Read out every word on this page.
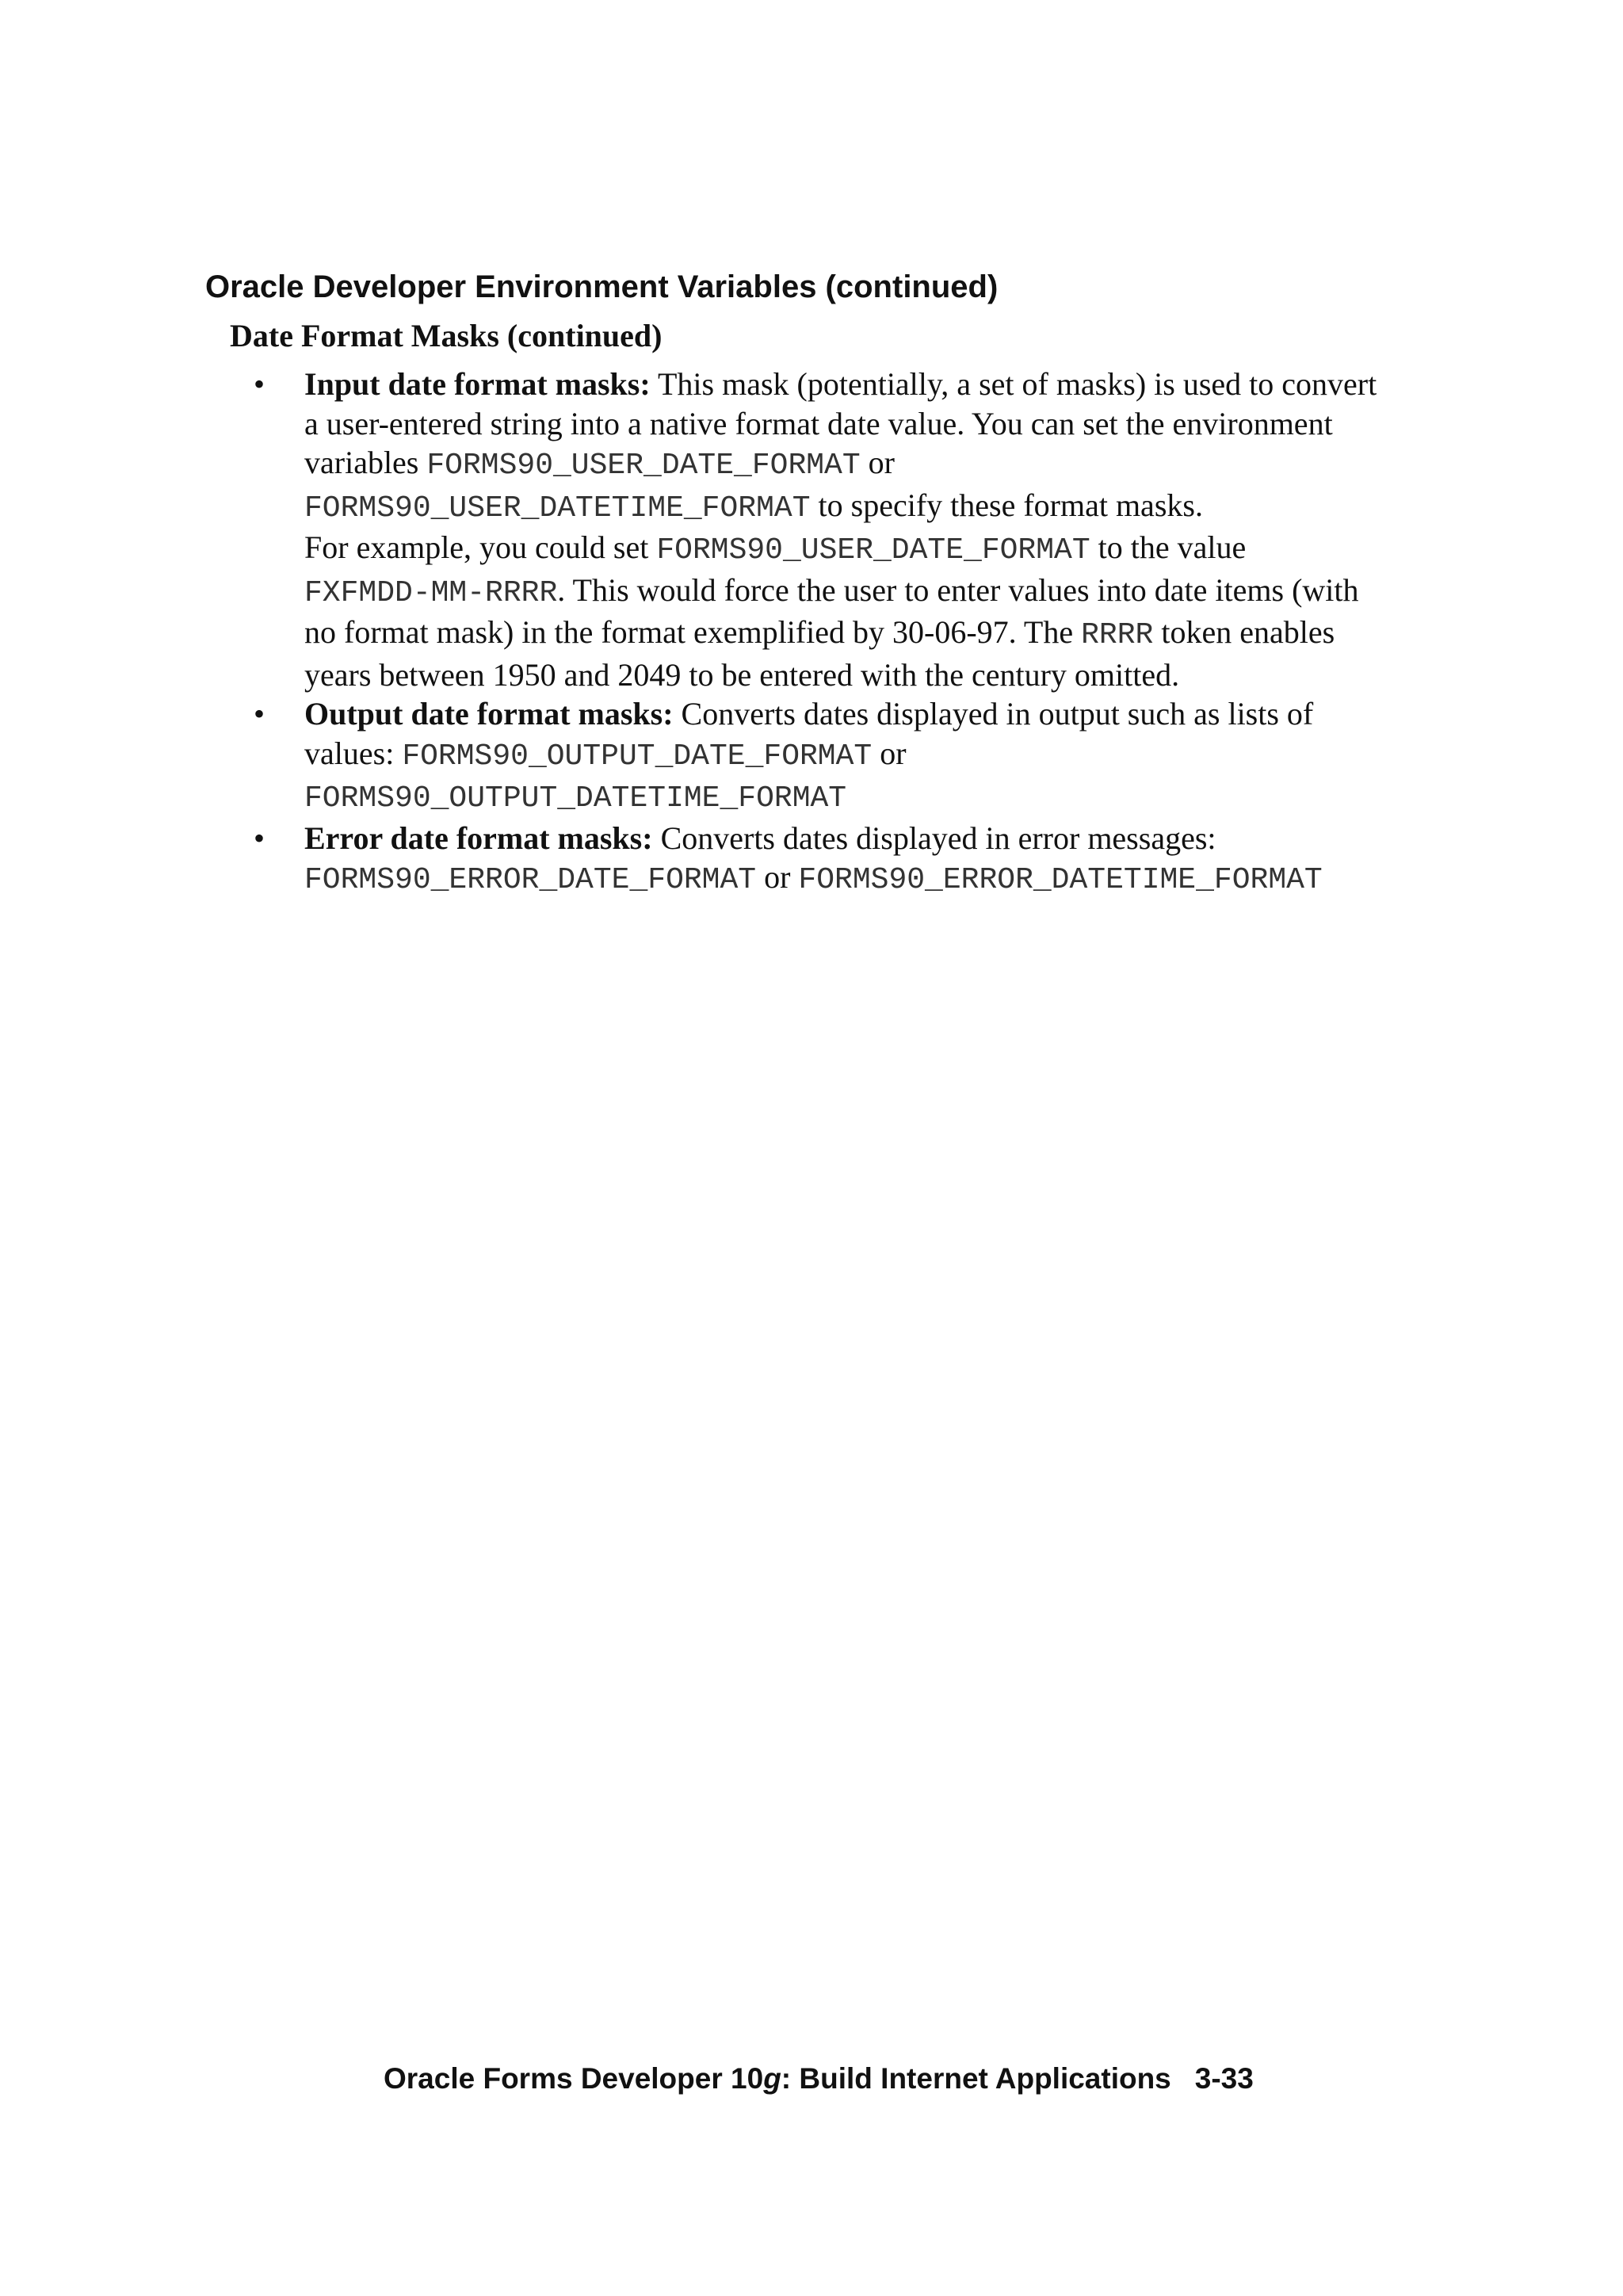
Oracle Developer Environment Variables (continued)
Date Format Masks (continued)
• Input date format masks: This mask (potentially, a set of masks) is used to convert
a user-entered string into a native format date value. You can set the environment
variables FORMS90_USER_DATE_FORMAT or
FORMS90_USER_DATETIME_FORMAT to specify these format masks.
For example, you could set FORMS90_USER_DATE_FORMAT to the value
FXFMDD-MM-RRRR. This would force the user to enter values into date items (with
no format mask) in the format exemplified by 30-06-97. The RRRR token enables
years between 1950 and 2049 to be entered with the century omitted.
• Output date format masks: Converts dates displayed in output such as lists of
values: FORMS90_OUTPUT_DATE_FORMAT or
FORMS90_OUTPUT_DATETIME_FORMAT
• Error date format masks: Converts dates displayed in error messages:
FORMS90_ERROR_DATE_FORMAT or FORMS90_ERROR_DATETIME_FORMAT
Oracle Forms Developer 10g: Build Internet Applications 3-33
